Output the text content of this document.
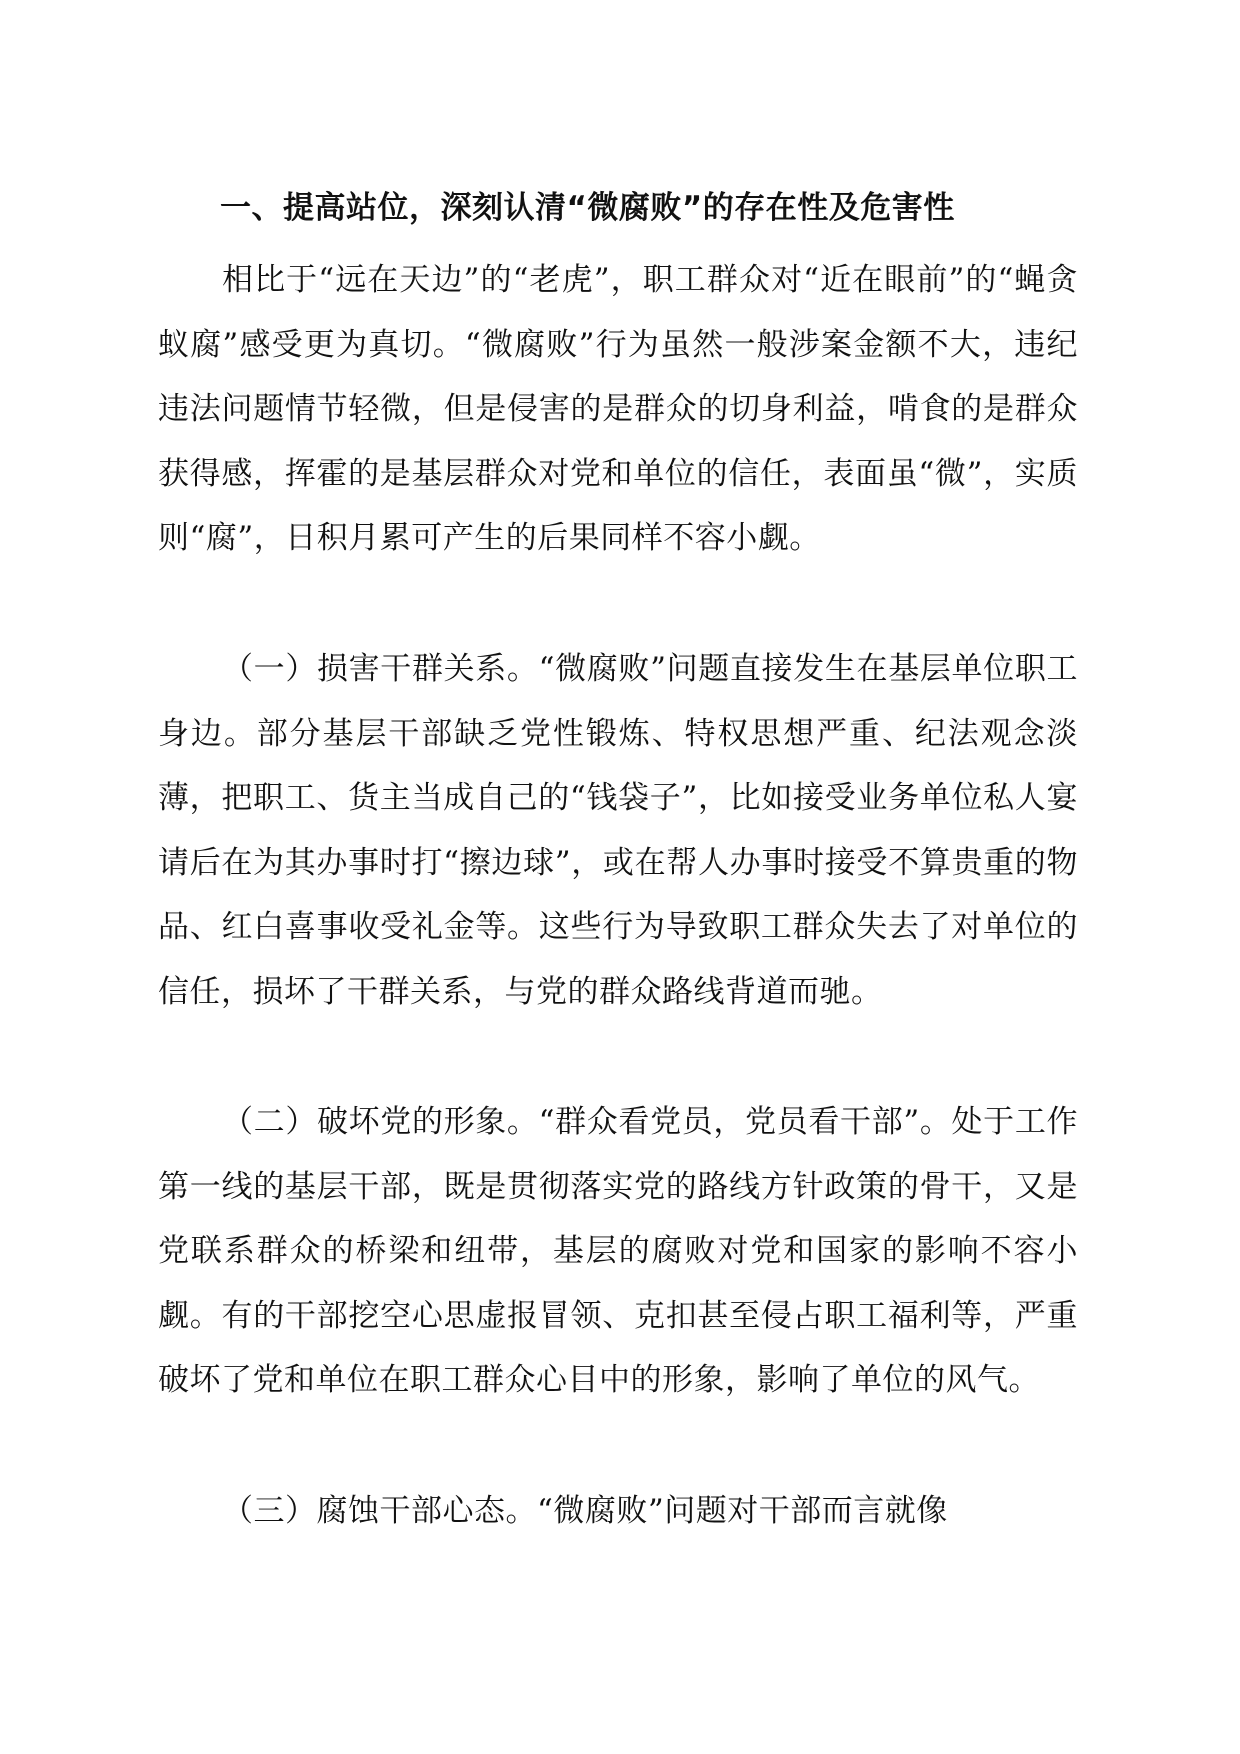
一、提高站位，深刻认清“微腐败”的存在性及危害性

相比于“远在天边”的“老虎”，职工群众对“近在眼前”的“蝇贪蚁腐”感受更为真切。“微腐败”行为虽然一般涉案金额不大，违纪违法问题情节轻微，但是侵害的是群众的切身利益，啃食的是群众获得感，挥霍的是基层群众对党和单位的信任，表面虽“微”，实质则“腐”，日积月累可产生的后果同样不容小觑。

（一）损害干群关系。“微腐败”问题直接发生在基层单位职工身边。部分基层干部缺乏党性锻炼、特权思想严重、纪法观念淡薄，把职工、货主当成自己的“钱袋子”，比如接受业务单位私人宴请后在为其办事时打“擦边球”，或在帮人办事时接受不算贵重的物品、红白喜事收受礼金等。这些行为导致职工群众失去了对单位的信任，损坏了干群关系，与党的群众路线背道而驰。

（二）破坏党的形象。“群众看党员，党员看干部”。处于工作第一线的基层干部，既是贯彻落实党的路线方针政策的骨干，又是党联系群众的桥梁和纽带，基层的腐败对党和国家的影响不容小觑。有的干部挖空心思虚报冒领、克扣甚至侵占职工福利等，严重破坏了党和单位在职工群众心目中的形象，影响了单位的风气。

（三）腐蚀干部心态。“微腐败”问题对干部而言就像
